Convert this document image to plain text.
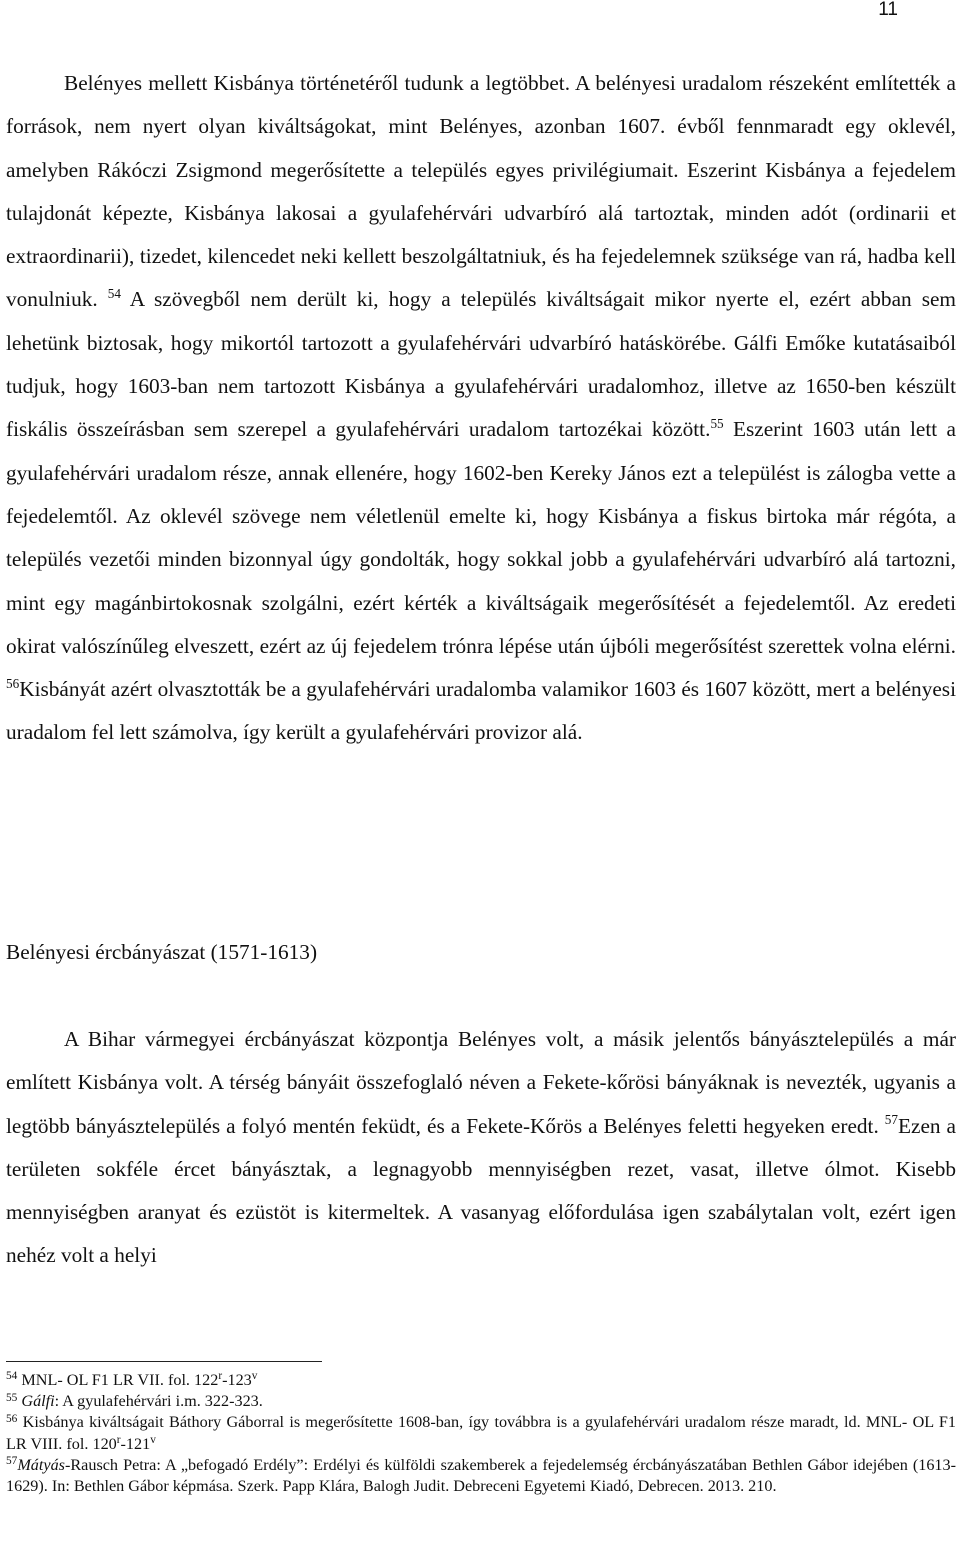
11

Belényes mellett Kisbánya történetéről tudunk a legtöbbet. A belényesi uradalom részeként említették a források, nem nyert olyan kiváltságokat, mint Belényes, azonban 1607. évből fennmaradt egy oklevél, amelyben Rákóczi Zsigmond megerősítette a település egyes privilégiumait. Eszerint Kisbánya a fejedelem tulajdonát képezte, Kisbánya lakosai a gyulafehérvári udvarbíró alá tartoztak, minden adót (ordinarii et extraordinarii), tizedet, kilencedet neki kellett beszolgáltatniuk, és ha fejedelemnek szüksége van rá, hadba kell vonulniuk. $^{54}$ A szövegből nem derült ki, hogy a település kiváltságait mikor nyerte el, ezért abban sem lehetünk biztosak, hogy mikortól tartozott a gyulafehérvári udvarbíró hatáskörébe. Gálfi Emőke kutatásaiból tudjuk, hogy 1603-ban nem tartozott Kisbánya a gyulafehérvári uradalomhoz, illetve az 1650-ben készült fiskális összeírásban sem szerepel a gyulafehérvári uradalom tartozékai között.$^{55}$ Eszerint 1603 után lett a gyulafehérvári uradalom része, annak ellenére, hogy 1602-ben Kereky János ezt a települést is zálogba vette a fejedelemtől. Az oklevél szövege nem véletlenül emelte ki, hogy Kisbánya a fiskus birtoka már régóta, a település vezetői minden bizonnyal úgy gondolták, hogy sokkal jobb a gyulafehérvári udvarbíró alá tartozni, mint egy magánbirtokosnak szolgálni, ezért kérték a kiváltságaik megerősítését a fejedelemtől. Az eredeti okirat valószínűleg elveszett, ezért az új fejedelem trónra lépése után újbóli megerősítést szerettek volna elérni. $^{56}$Kisbányát azért olvasztották be a gyulafehérvári uradalomba valamikor 1603 és 1607 között, mert a belényesi uradalom fel lett számolva, így került a gyulafehérvári provizor alá.

Belényesi ércbányászat (1571-1613)

A Bihar vármegyei ércbányászat központja Belényes volt, a másik jelentős bányásztelepülés a már említett Kisbánya volt. A térség bányáit összefoglaló néven a Fekete-kőrösi bányáknak is nevezték, ugyanis a legtöbb bányásztelepülés a folyó mentén feküdt, és a Fekete-Kőrös a Belényes feletti hegyeken eredt. $^{57}$Ezen a területen sokféle ércet bányásztak, a legnagyobb mennyiségben rezet, vasat, illetve ólmot. Kisebb mennyiségben aranyat és ezüstöt is kitermeltek. A vasanyag előfordulása igen szabálytalan volt, ezért igen nehéz volt a helyi

$^{54}$ MNL- OL F1 LR VII. fol. 122$^r$-123$^v$

$^{55}$ Gálfi: A gyulafehérvári i.m. 322-323.

$^{56}$ Kisbánya kiváltságait Báthory Gáborral is megerősítette 1608-ban, így továbbra is a gyulafehérvári uradalom része maradt, ld. MNL- OL F1 LR VIII. fol. 120$^r$-121$^v$

$^{57}$Mátyás-Rausch Petra: A „befogadó Erdély”: Erdélyi és külföldi szakemberek a fejedelemség ércbányászatában Bethlen Gábor idejében (1613-1629). In: Bethlen Gábor képmása. Szerk. Papp Klára, Balogh Judit. Debreceni Egyetemi Kiadó, Debrecen. 2013. 210.
